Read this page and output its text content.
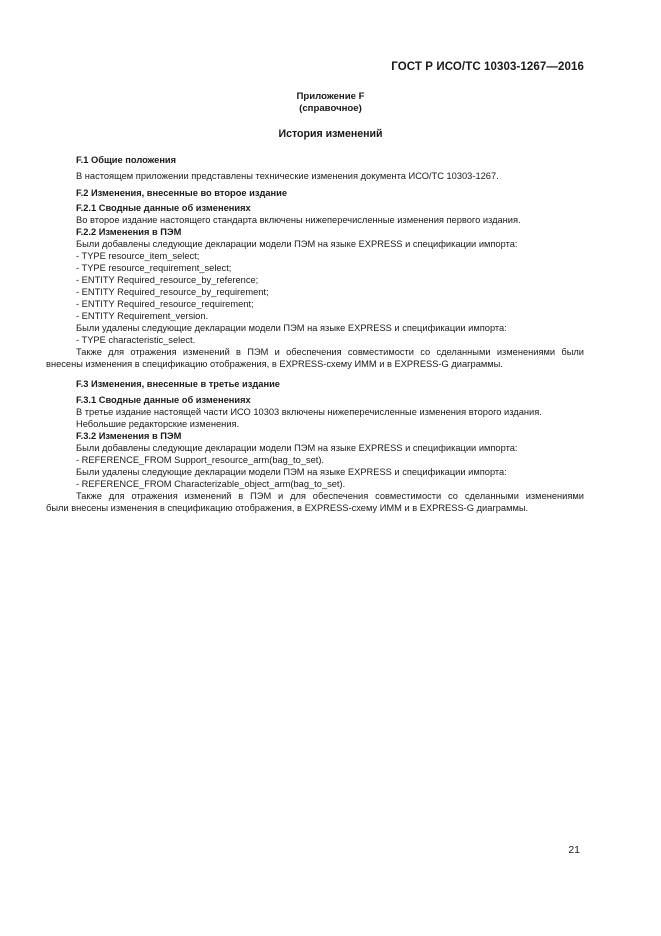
ГОСТ Р ИСО/ТС 10303-1267—2016
Приложение F
(справочное)
История изменений
F.1 Общие положения
В настоящем приложении представлены технические изменения документа ИСО/ТС 10303-1267.
F.2 Изменения, внесенные во второе издание
F.2.1 Сводные данные об изменениях
Во второе издание настоящего стандарта включены нижеперечисленные изменения первого издания.
F.2.2 Изменения в ПЭМ
Были добавлены следующие декларации модели ПЭМ на языке EXPRESS и спецификации импорта:
- TYPE resource_item_select;
- TYPE resource_requirement_select;
- ENTITY Required_resource_by_reference;
- ENTITY Required_resource_by_requirement;
- ENTITY Required_resource_requirement;
- ENTITY Requirement_version.
Были удалены следующие декларации модели ПЭМ на языке EXPRESS и спецификации импорта:
- TYPE characteristic_select.
Также для отражения изменений в ПЭМ и обеспечения совместимости со сделанными изменениями были
внесены изменения в спецификацию отображения, в EXPRESS-схему ИММ и в EXPRESS-G диаграммы.
F.3 Изменения, внесенные в третье издание
F.3.1 Сводные данные об изменениях
В третье издание настоящей части ИСО 10303 включены нижеперечисленные изменения второго издания.
Небольшие редакторские изменения.
F.3.2 Изменения в ПЭМ
Были добавлены следующие декларации модели ПЭМ на языке EXPRESS и спецификации импорта:
- REFERENCE_FROM Support_resource_arm(bag_to_set).
Были удалены следующие декларации модели ПЭМ на языке EXPRESS и спецификации импорта:
- REFERENCE_FROM Characterizable_object_arm(bag_to_set).
Также для отражения изменений в ПЭМ и для обеспечения совместимости со сделанными изменениями
были внесены изменения в спецификацию отображения, в EXPRESS-схему ИММ и в EXPRESS-G диаграммы.
21
